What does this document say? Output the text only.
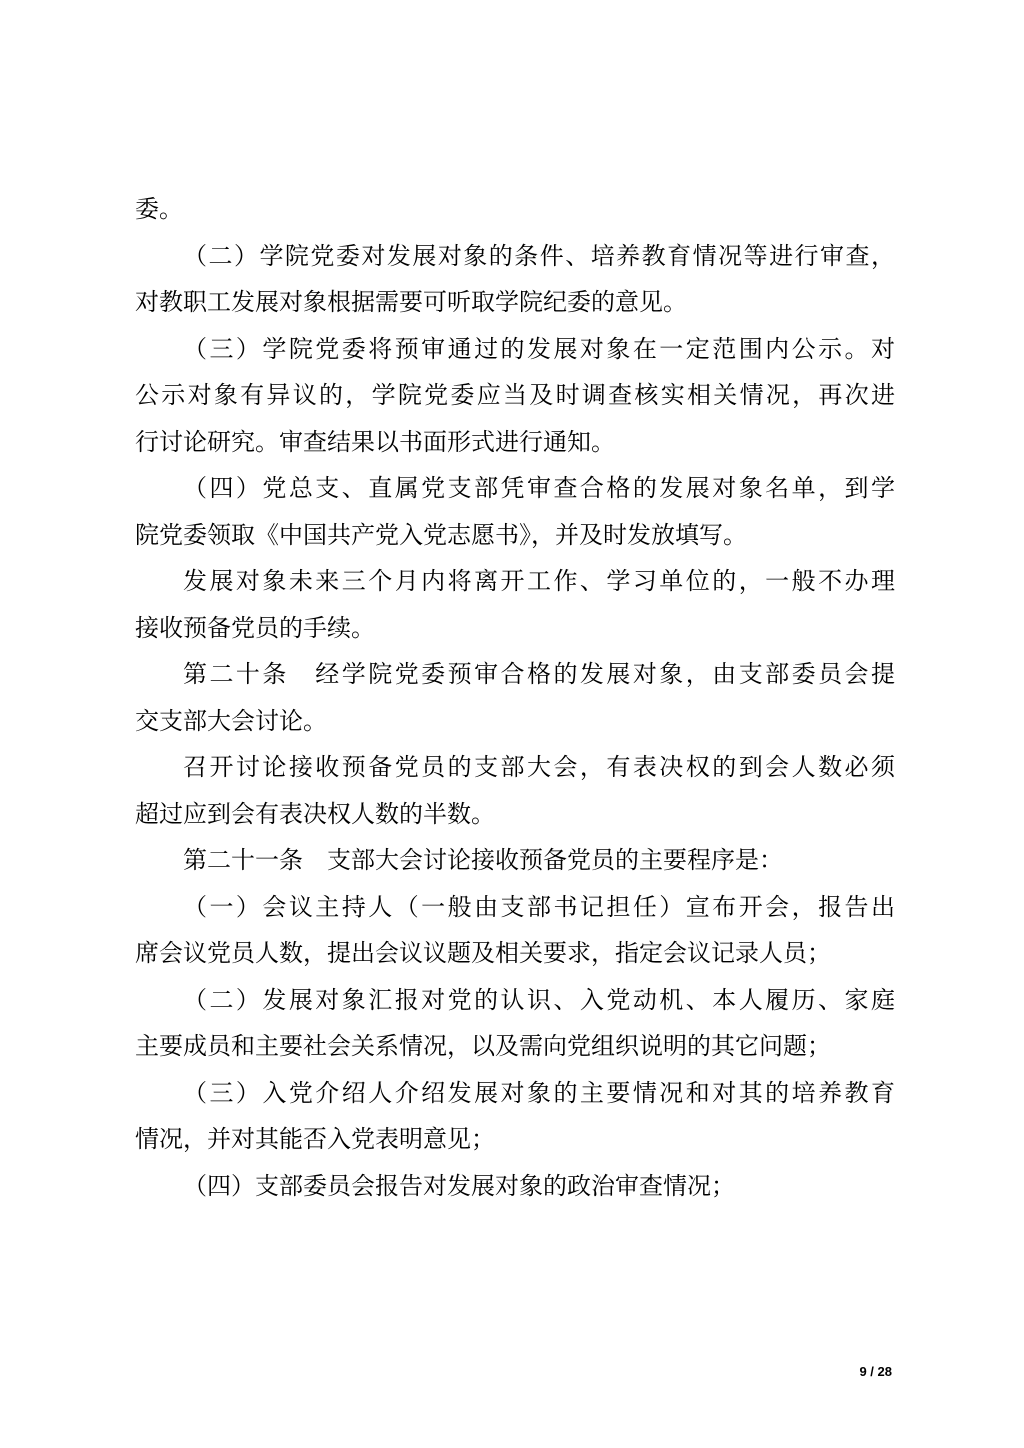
委。
（二）学院党委对发展对象的条件、培养教育情况等进行审查，
对教职工发展对象根据需要可听取学院纪委的意见。
（三）学院党委将预审通过的发展对象在一定范围内公示。对
公示对象有异议的，学院党委应当及时调查核实相关情况，再次进
行讨论研究。审查结果以书面形式进行通知。
（四）党总支、直属党支部凭审查合格的发展对象名单，到学
院党委领取《中国共产党入党志愿书》，并及时发放填写。
发展对象未来三个月内将离开工作、学习单位的，一般不办理
接收预备党员的手续。
第二十条　经学院党委预审合格的发展对象，由支部委员会提
交支部大会讨论。
召开讨论接收预备党员的支部大会，有表决权的到会人数必须
超过应到会有表决权人数的半数。
第二十一条　支部大会讨论接收预备党员的主要程序是：
（一）会议主持人（一般由支部书记担任）宣布开会，报告出
席会议党员人数，提出会议议题及相关要求，指定会议记录人员；
（二）发展对象汇报对党的认识、入党动机、本人履历、家庭
主要成员和主要社会关系情况，以及需向党组织说明的其它问题；
（三）入党介绍人介绍发展对象的主要情况和对其的培养教育
情况，并对其能否入党表明意见；
（四）支部委员会报告对发展对象的政治审查情况；
9 / 28
